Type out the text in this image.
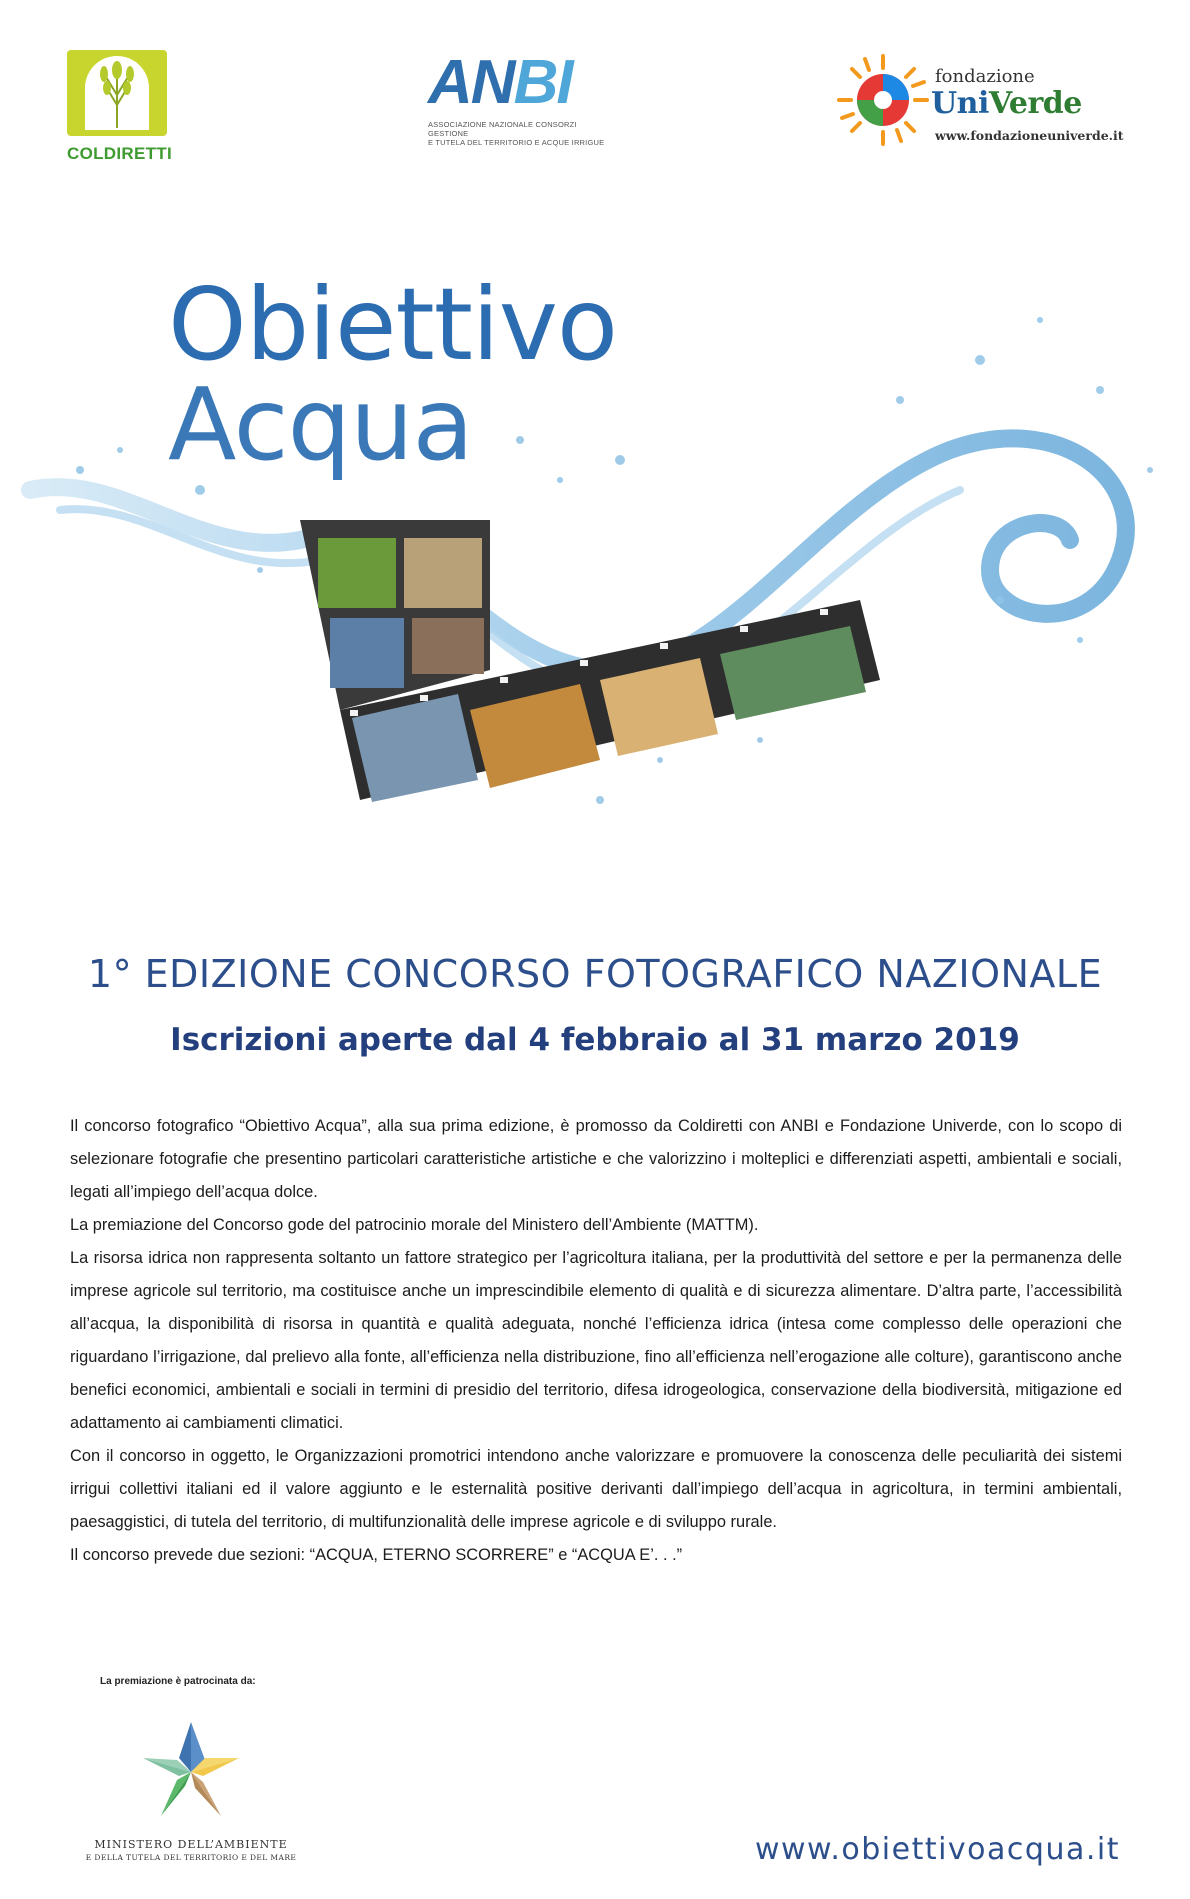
COLDIRETTI
ANBI
ASSOCIAZIONE NAZIONALE CONSORZI GESTIONE
E TUTELA DEL TERRITORIO E ACQUE IRRIGUE
fondazione
UniVerde
www.fondazioneuniverde.it
Obiettivo
Acqua
1° EDIZIONE CONCORSO FOTOGRAFICO NAZIONALE
Iscrizioni aperte dal 4 febbraio al 31 marzo 2019

Il concorso fotografico “Obiettivo Acqua”, alla sua prima edizione, è promosso da Coldiretti con ANBI e Fondazione Univerde, con lo scopo di selezionare fotografie che presentino particolari caratteristiche artistiche e che valorizzino i molteplici e differenziati aspetti, ambientali e sociali, legati all’impiego dell’acqua dolce.

La premiazione del Concorso gode del patrocinio morale del Ministero dell’Ambiente (MATTM).

La risorsa idrica non rappresenta soltanto un fattore strategico per l’agricoltura italiana, per la produttività del settore e per la permanenza delle imprese agricole sul territorio, ma costituisce anche un imprescindibile elemento di qualità e di sicurezza alimentare. D’altra parte, l’accessibilità all’acqua, la disponibilità di risorsa in quantità e qualità adeguata, nonché l’efficienza idrica (intesa come complesso delle operazioni che riguardano l’irrigazione, dal prelievo alla fonte, all’efficienza nella distribuzione, fino all’efficienza nell’erogazione alle colture), garantiscono anche benefici economici, ambientali e sociali in termini di presidio del territorio, difesa idrogeologica, conservazione della biodiversità, mitigazione ed adattamento ai cambiamenti climatici.

Con il concorso in oggetto, le Organizzazioni promotrici intendono anche valorizzare e promuovere la conoscenza delle peculiarità dei sistemi irrigui collettivi italiani ed il valore aggiunto e le esternalità positive derivanti dall’impiego dell’acqua in agricoltura, in termini ambientali, paesaggistici, di tutela del territorio, di multifunzionalità delle imprese agricole e di sviluppo rurale.

Il concorso prevede due sezioni: “ACQUA, ETERNO SCORRERE” e “ACQUA E’. . .”

La premiazione è patrocinata da:
MINISTERO DELL’AMBIENTE
E DELLA TUTELA DEL TERRITORIO E DEL MARE	www.obiettivoacqua.it
